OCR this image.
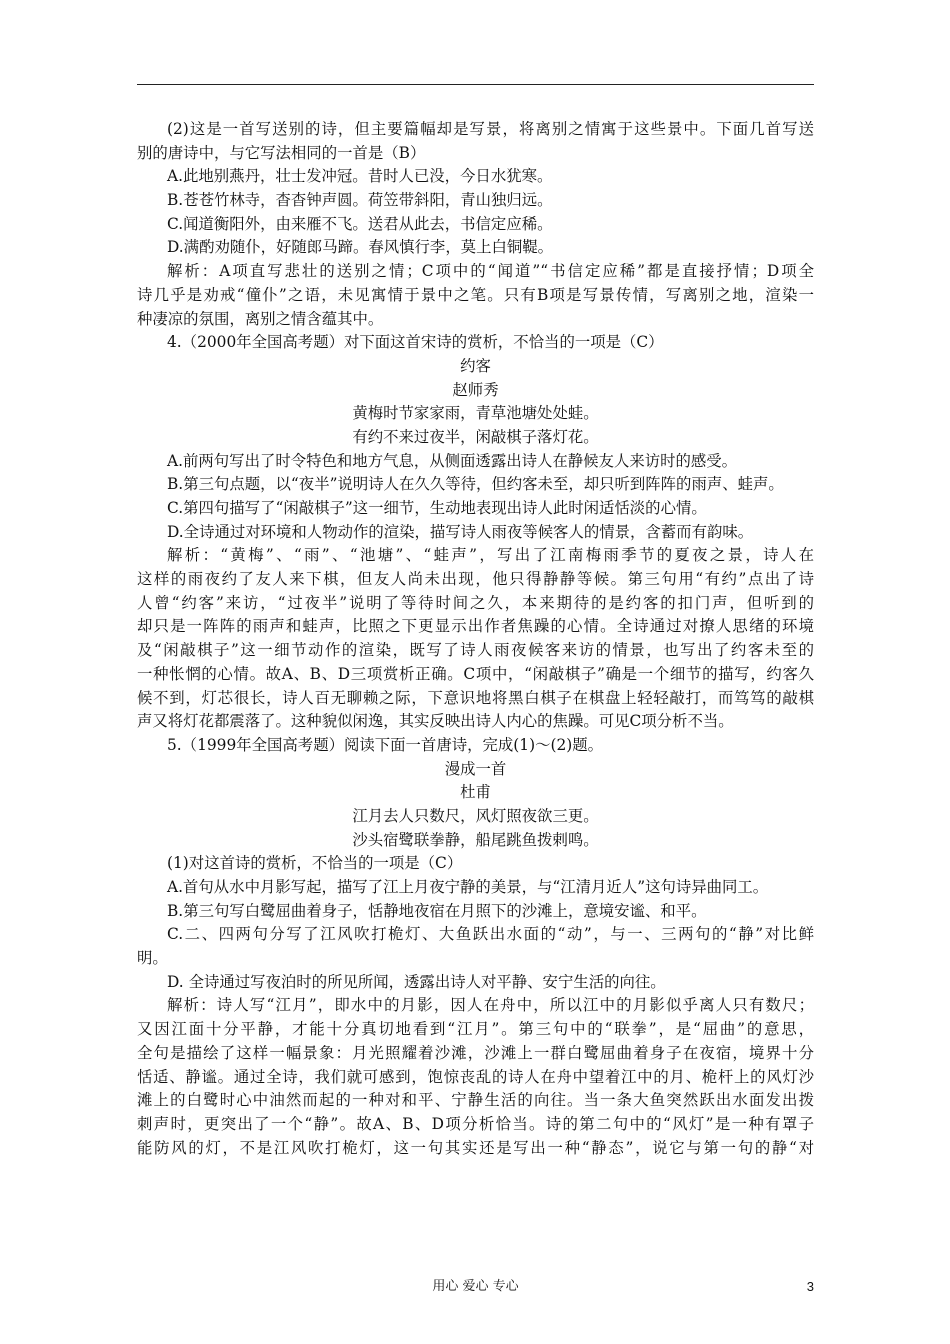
(2)这是一首写送别的诗，但主要篇幅却是写景，将离别之情寓于这些景中。下面几首写送
别的唐诗中，与它写法相同的一首是（B）
A.此地别燕丹，壮士发冲冠。昔时人已没，今日水犹寒。
B.苍苍竹林寺，杳杳钟声圆。荷笠带斜阳，青山独归远。
C.闻道衡阳外，由来雁不飞。送君从此去，书信定应稀。
D.满酌劝随仆，好随郎马蹄。春风慎行李，莫上白铜鞮。
解析：A项直写悲壮的送别之情；C项中的“闻道”“书信定应稀”都是直接抒情；D项全
诗几乎是劝戒“僮仆”之语，未见寓情于景中之笔。只有B项是写景传情，写离别之地，渲染一
种凄凉的氛围，离别之情含蕴其中。
4.（2000年全国高考题）对下面这首宋诗的赏析，不恰当的一项是（C）
约客
赵师秀
黄梅时节家家雨，青草池塘处处蛙。
有约不来过夜半，闲敲棋子落灯花。
A.前两句写出了时令特色和地方气息，从侧面透露出诗人在静候友人来访时的感受。
B.第三句点题，以“夜半”说明诗人在久久等待，但约客未至，却只听到阵阵的雨声、蛙声。
C.第四句描写了“闲敲棋子”这一细节，生动地表现出诗人此时闲适恬淡的心情。
D.全诗通过对环境和人物动作的渲染，描写诗人雨夜等候客人的情景，含蓄而有韵味。
解析：“黄梅”、“雨”、“池塘”、“蛙声”，写出了江南梅雨季节的夏夜之景，诗人在
这样的雨夜约了友人来下棋，但友人尚未出现，他只得静静等候。第三句用“有约”点出了诗
人曾“约客”来访，“过夜半”说明了等待时间之久，本来期待的是约客的扣门声，但听到的
却只是一阵阵的雨声和蛙声，比照之下更显示出作者焦躁的心情。全诗通过对撩人思绪的环境
及“闲敲棋子”这一细节动作的渲染，既写了诗人雨夜候客来访的情景，也写出了约客未至的
一种怅惘的心情。故A、B、D三项赏析正确。C项中，“闲敲棋子”确是一个细节的描写，约客久
候不到，灯芯很长，诗人百无聊赖之际，下意识地将黑白棋子在棋盘上轻轻敲打，而笃笃的敲棋
声又将灯花都震落了。这种貌似闲逸，其实反映出诗人内心的焦躁。可见C项分析不当。
5.（1999年全国高考题）阅读下面一首唐诗，完成(1)～(2)题。
漫成一首
杜甫
江月去人只数尺，风灯照夜欲三更。
沙头宿鹭联拳静，船尾跳鱼拨剌鸣。
(1)对这首诗的赏析，不恰当的一项是（C）
A.首句从水中月影写起，描写了江上月夜宁静的美景，与“江清月近人”这句诗异曲同工。
B.第三句写白鹭屈曲着身子，恬静地夜宿在月照下的沙滩上，意境安谧、和平。
C.二、四两句分写了江风吹打桅灯、大鱼跃出水面的“动”，与一、三两句的“静”对比鲜
明。
D. 全诗通过写夜泊时的所见所闻，透露出诗人对平静、安宁生活的向往。
解析：诗人写“江月”，即水中的月影，因人在舟中，所以江中的月影似乎离人只有数尺；
又因江面十分平静，才能十分真切地看到“江月”。第三句中的“联拳”，是“屈曲”的意思，
全句是描绘了这样一幅景象：月光照耀着沙滩，沙滩上一群白鹭屈曲着身子在夜宿，境界十分
恬适、静谧。通过全诗，我们就可感到，饱惊丧乱的诗人在舟中望着江中的月、桅杆上的风灯沙
滩上的白鹭时心中油然而起的一种对和平、宁静生活的向往。当一条大鱼突然跃出水面发出拨
刺声时，更突出了一个“静”。故A、B、D项分析恰当。诗的第二句中的“风灯”是一种有罩子
能防风的灯，不是江风吹打桅灯，这一句其实还是写出一种“静态”，说它与第一句的静“对
用心 爱心 专心	3
